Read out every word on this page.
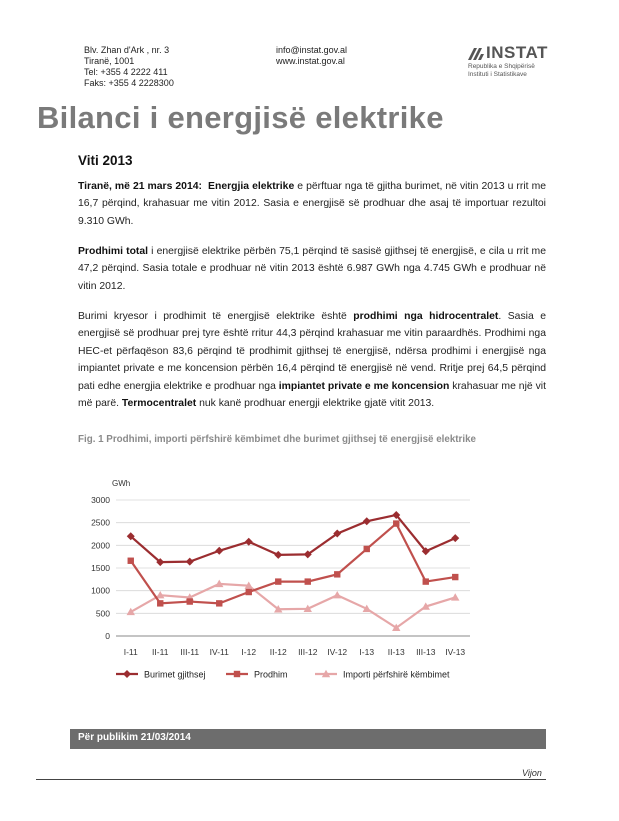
Blv. Zhan d'Ark , nr. 3
Tiranë, 1001
Tel: +355 4 2222 411
Faks: +355 4 2228300
info@instat.gov.al
www.instat.gov.al	INSTAT
Republika e Shqipërisë
Instituti i Statistikave
Bilanci i energjisë elektrike
Viti 2013

Tiranë, më 21 mars 2014: Energjia elektrike e përftuar nga të gjitha burimet, në vitin 2013 u rrit me 16,7 përqind, krahasuar me vitin 2012. Sasia e energjisë së prodhuar dhe asaj të importuar rezultoi 9.310 GWh.

Prodhimi total i energjisë elektrike përbën 75,1 përqind të sasisë gjithsej të energjisë, e cila u rrit me 47,2 përqind. Sasia totale e prodhuar në vitin 2013 është 6.987 GWh nga 4.745 GWh e prodhuar në vitin 2012.

Burimi kryesor i prodhimit të energjisë elektrike është prodhimi nga hidrocentralet. Sasia e energjisë së prodhuar prej tyre është rritur 44,3 përqind krahasuar me vitin paraardhës. Prodhimi nga HEC-et përfaqëson 83,6 përqind të prodhimit gjithsej të energjisë, ndërsa prodhimi i energjisë nga impiantet private e me koncension përbën 16,4 përqind të energjisë në vend. Rritje prej 64,5 përqind pati edhe energjia elektrike e prodhuar nga impiantet private e me koncension krahasuar me një vit më parë. Termocentralet nuk kanë prodhuar energji elektrike gjatë vitit 2013.

Fig. 1 Prodhimi, importi përfshirë këmbimet dhe burimet gjithsej të energjisë elektrike
GWh
0
500
1000
1500
2000
2500
3000
I-11 II-11 III-11 IV-11 I-12 II-12 III-12 IV-12 I-13 II-13 III-13 IV-13
Burimet gjithsej	Prodhim	Importi përfshirë këmbimet
Për publikim 21/03/2014
Vijon
